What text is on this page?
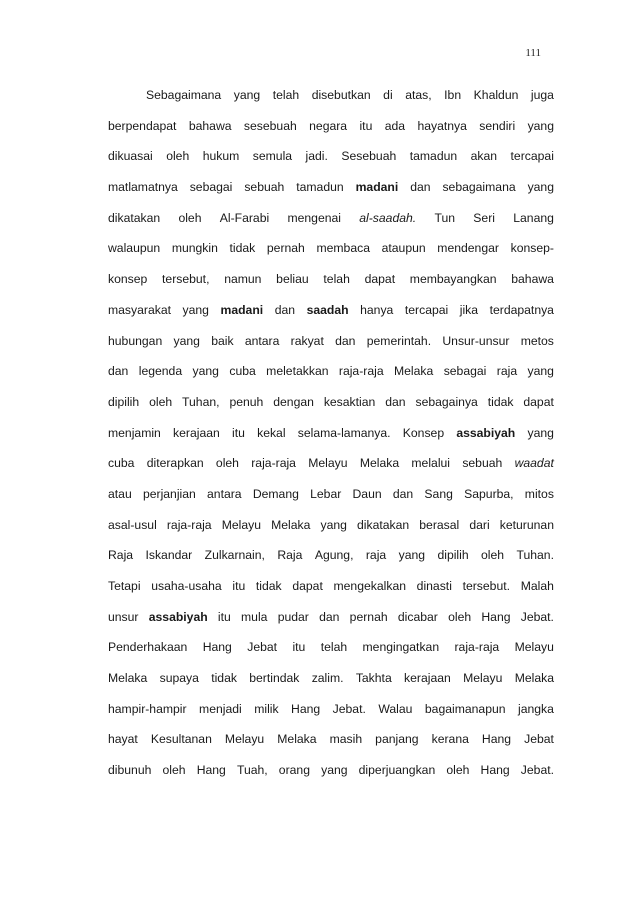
111
Sebagaimana yang telah disebutkan di atas, Ibn Khaldun juga
berpendapat bahawa sesebuah negara itu ada hayatnya sendiri yang
dikuasai oleh hukum semula jadi. Sesebuah tamadun akan tercapai
matlamatnya sebagai sebuah tamadun madani dan sebagaimana yang
dikatakan oleh Al-Farabi mengenai al-saadah. Tun Seri Lanang
walaupun mungkin tidak pernah membaca ataupun mendengar konsep-
konsep tersebut, namun beliau telah dapat membayangkan bahawa
masyarakat yang madani dan saadah hanya tercapai jika terdapatnya
hubungan yang baik antara rakyat dan pemerintah. Unsur-unsur metos
dan legenda yang cuba meletakkan raja-raja Melaka sebagai raja yang
dipilih oleh Tuhan, penuh dengan kesaktian dan sebagainya tidak dapat
menjamin kerajaan itu kekal selama-lamanya. Konsep assabiyah yang
cuba diterapkan oleh raja-raja Melayu Melaka melalui sebuah waadat
atau perjanjian antara Demang Lebar Daun dan Sang Sapurba, mitos
asal-usul raja-raja Melayu Melaka yang dikatakan berasal dari keturunan
Raja Iskandar Zulkarnain, Raja Agung, raja yang dipilih oleh Tuhan.
Tetapi usaha-usaha itu tidak dapat mengekalkan dinasti tersebut. Malah
unsur assabiyah itu mula pudar dan pernah dicabar oleh Hang Jebat.
Penderhakaan Hang Jebat itu telah mengingatkan raja-raja Melayu
Melaka supaya tidak bertindak zalim. Takhta kerajaan Melayu Melaka
hampir-hampir menjadi milik Hang Jebat. Walau bagaimanapun jangka
hayat Kesultanan Melayu Melaka masih panjang kerana Hang Jebat
dibunuh oleh Hang Tuah, orang yang diperjuangkan oleh Hang Jebat.
